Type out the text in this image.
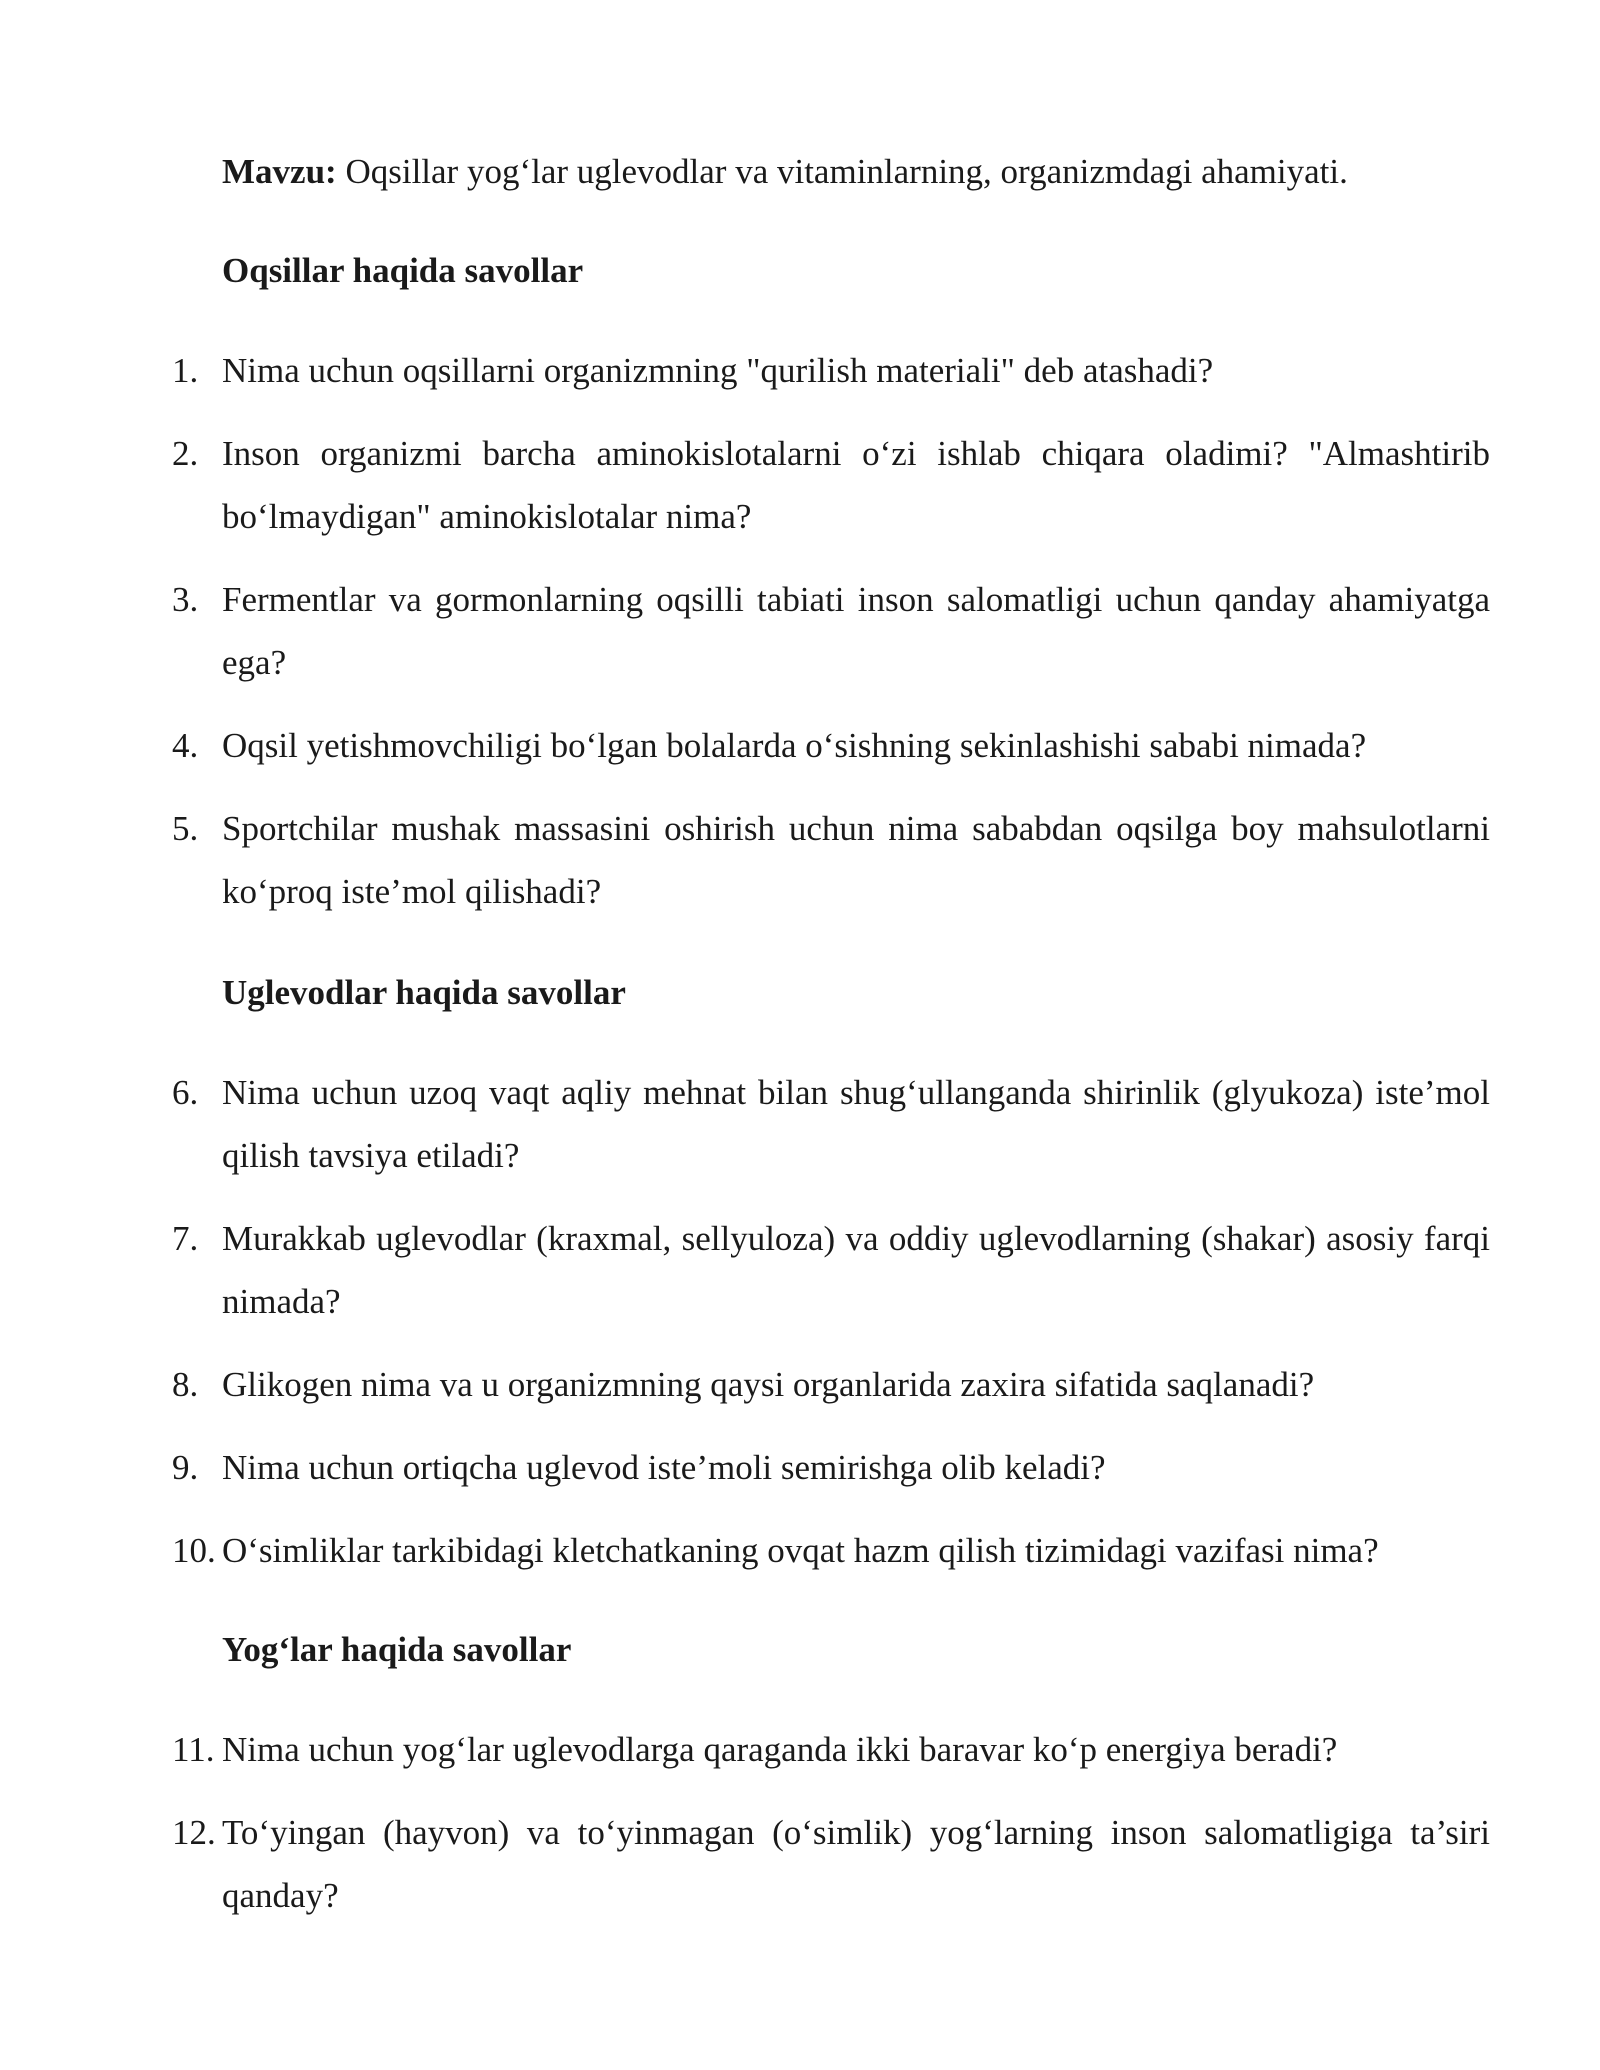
Mavzu: Oqsillar yog‘lar uglevodlar va vitaminlarning, organizmdagi ahamiyati.
Oqsillar haqida savollar
1. Nima uchun oqsillarni organizmning "qurilish materiali" deb atashadi?
2. Inson organizmi barcha aminokislotalarni o‘zi ishlab chiqara oladimi? "Almashtirib bo‘lmaydigan" aminokislotalar nima?
3. Fermentlar va gormonlarning oqsilli tabiati inson salomatligi uchun qanday ahamiyatga ega?
4. Oqsil yetishmovchiligi bo‘lgan bolalarda o‘sishning sekinlashishi sababi nimada?
5. Sportchilar mushak massasini oshirish uchun nima sababdan oqsilga boy mahsulotlarni ko‘proq iste’mol qilishadi?
Uglevodlar haqida savollar
6. Nima uchun uzoq vaqt aqliy mehnat bilan shug‘ullanganda shirinlik (glyukoza) iste’mol qilish tavsiya etiladi?
7. Murakkab uglevodlar (kraxmal, sellyuloza) va oddiy uglevodlarning (shakar) asosiy farqi nimada?
8. Glikogen nima va u organizmning qaysi organlarida zaxira sifatida saqlanadi?
9. Nima uchun ortiqcha uglevod iste’moli semirishga olib keladi?
10. O‘simliklar tarkibidagi kletchatkaning ovqat hazm qilish tizimidagi vazifasi nima?
Yog‘lar haqida savollar
11. Nima uchun yog‘lar uglevodlarga qaraganda ikki baravar ko‘p energiya beradi?
12. To‘yingan (hayvon) va to‘yinmagan (o‘simlik) yog‘larning inson salomatligiga ta’siri qanday?
